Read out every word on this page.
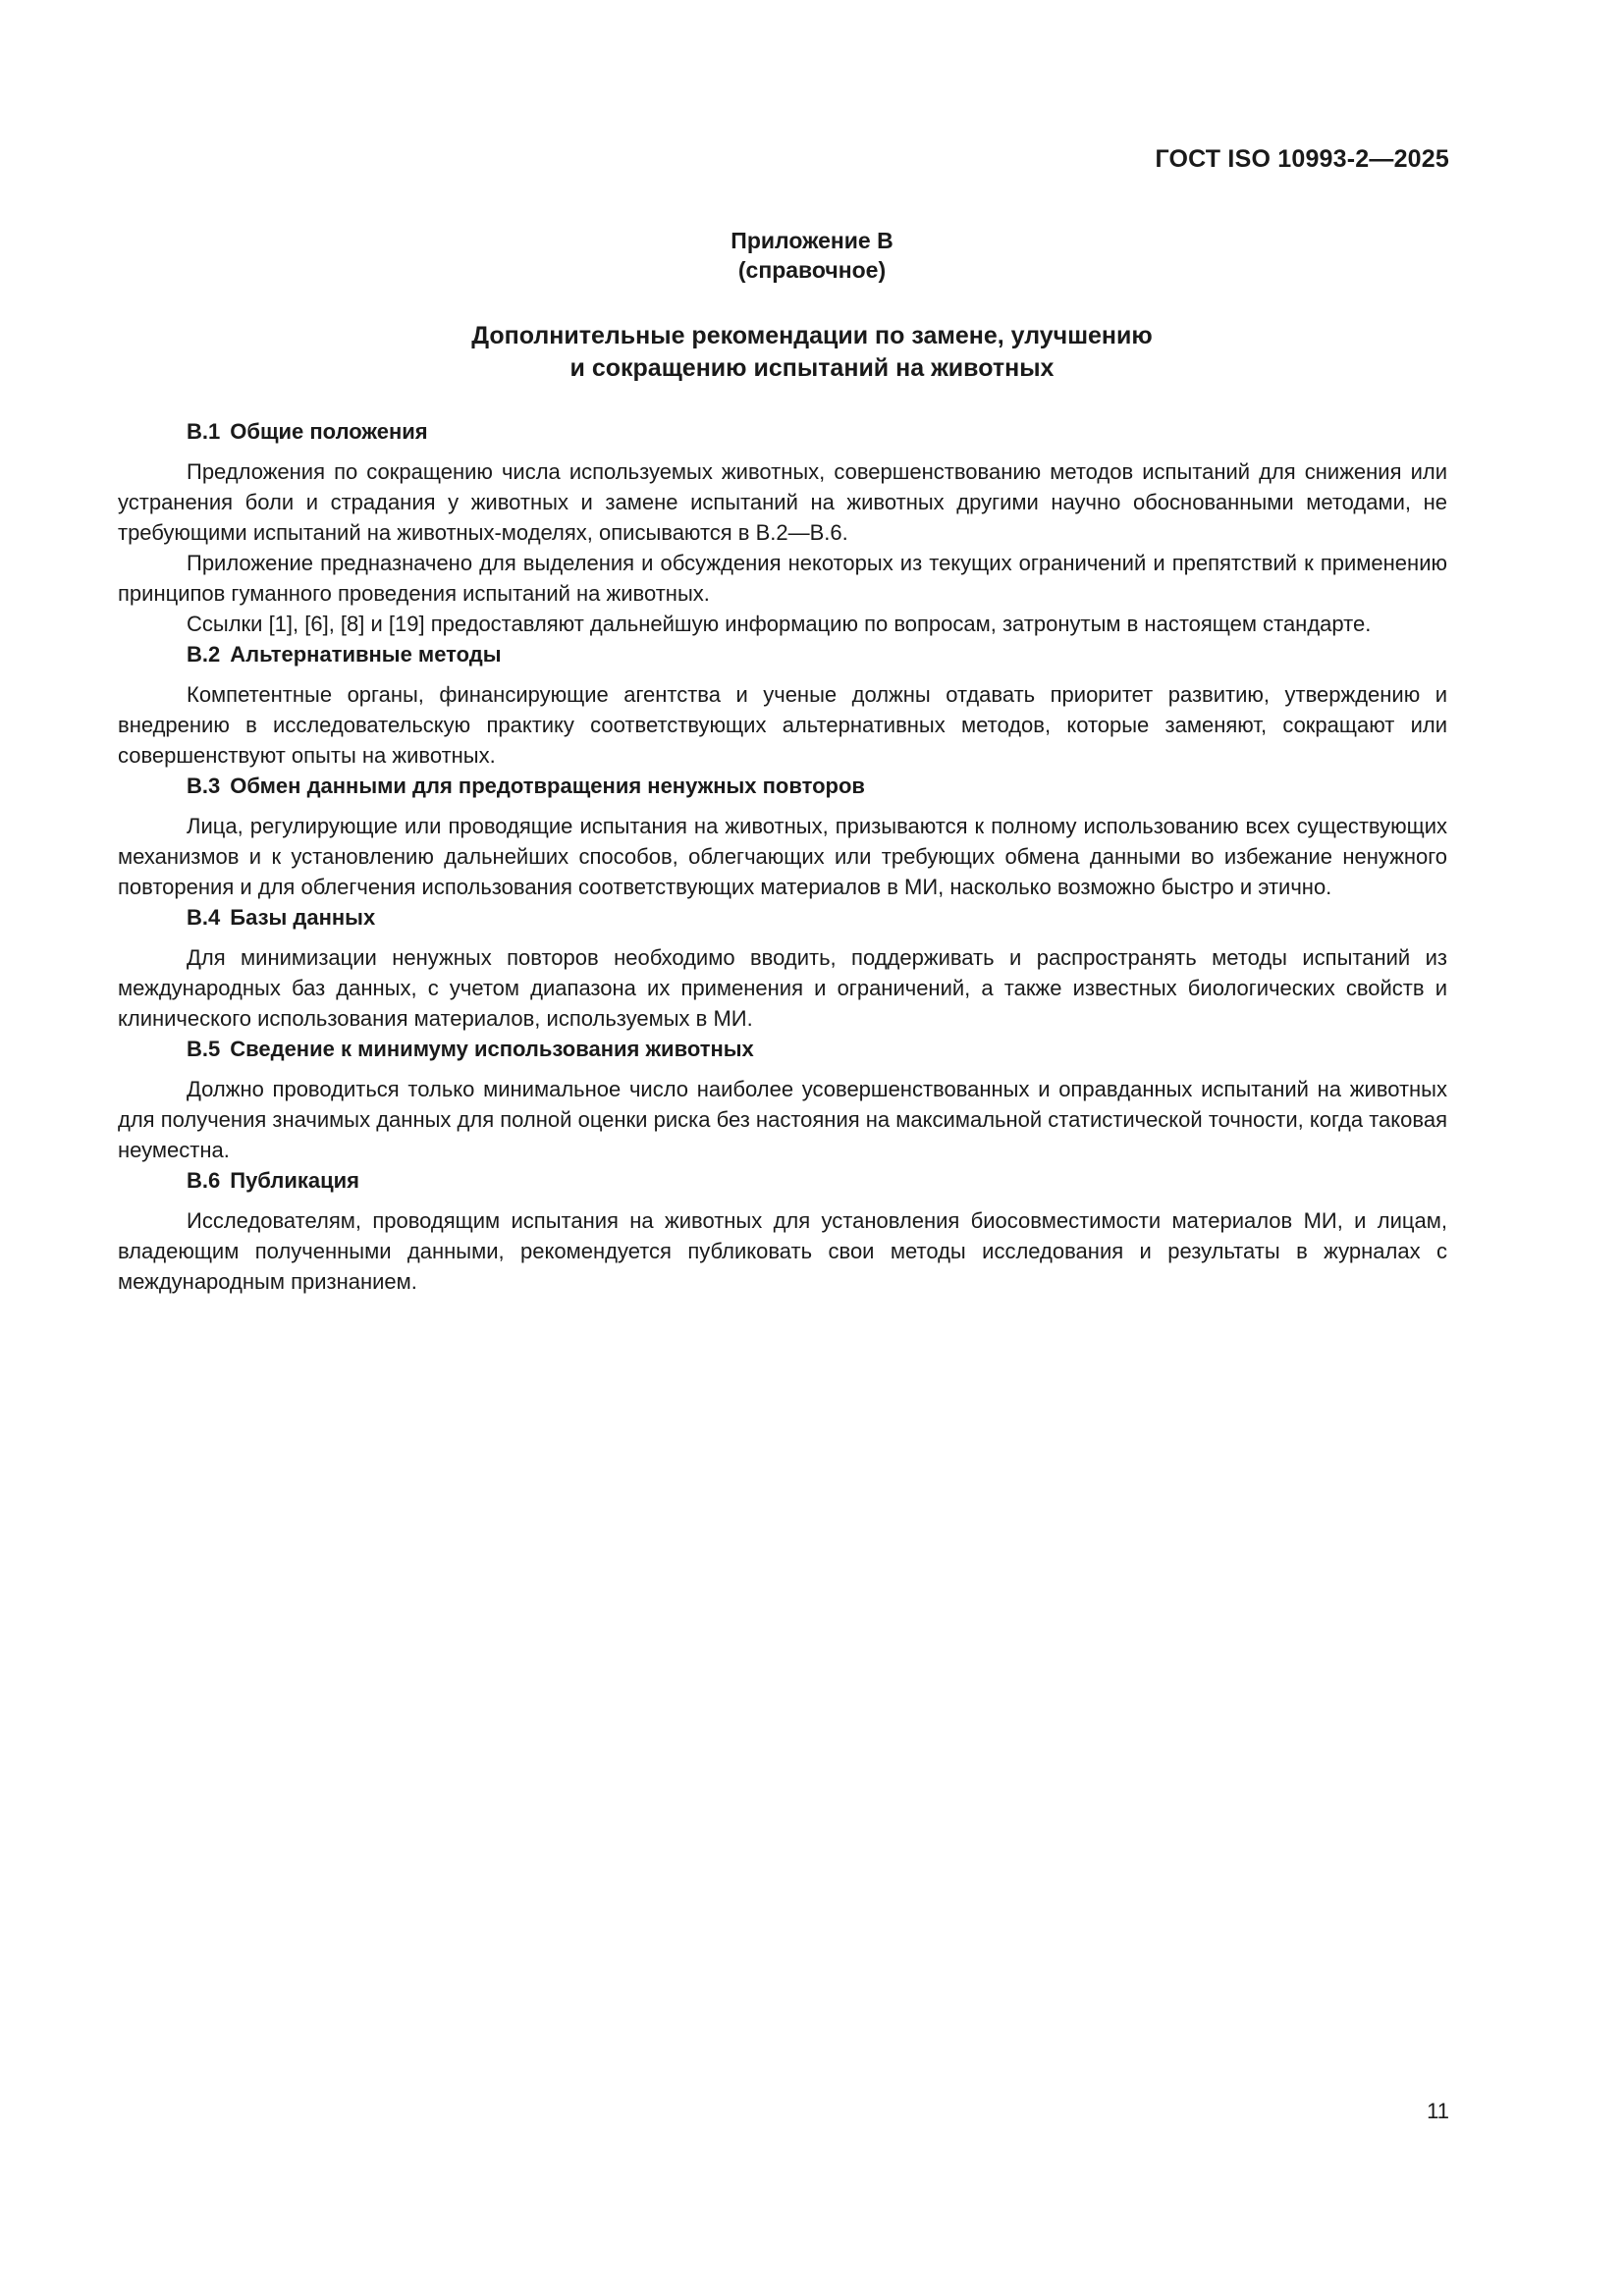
ГОСТ ISO 10993-2—2025
Приложение В
(справочное)
Дополнительные рекомендации по замене, улучшению
и сокращению испытаний на животных
В.1 Общие положения

Предложения по сокращению числа используемых животных, совершенствованию методов испытаний для снижения или устранения боли и страдания у животных и замене испытаний на животных другими научно обоснованными методами, не требующими испытаний на животных-моделях, описываются в В.2—В.6.

Приложение предназначено для выделения и обсуждения некоторых из текущих ограничений и препятствий к применению принципов гуманного проведения испытаний на животных.

Ссылки [1], [6], [8] и [19] предоставляют дальнейшую информацию по вопросам, затронутым в настоящем стандарте.

В.2 Альтернативные методы

Компетентные органы, финансирующие агентства и ученые должны отдавать приоритет развитию, утверждению и внедрению в исследовательскую практику соответствующих альтернативных методов, которые заменяют, сокращают или совершенствуют опыты на животных.

В.3 Обмен данными для предотвращения ненужных повторов

Лица, регулирующие или проводящие испытания на животных, призываются к полному использованию всех существующих механизмов и к установлению дальнейших способов, облегчающих или требующих обмена данными во избежание ненужного повторения и для облегчения использования соответствующих материалов в МИ, насколько возможно быстро и этично.

В.4 Базы данных

Для минимизации ненужных повторов необходимо вводить, поддерживать и распространять методы испытаний из международных баз данных, с учетом диапазона их применения и ограничений, а также известных биологических свойств и клинического использования материалов, используемых в МИ.

В.5 Сведение к минимуму использования животных

Должно проводиться только минимальное число наиболее усовершенствованных и оправданных испытаний на животных для получения значимых данных для полной оценки риска без настояния на максимальной статистической точности, когда таковая неуместна.

В.6 Публикация

Исследователям, проводящим испытания на животных для установления биосовместимости материалов МИ, и лицам, владеющим полученными данными, рекомендуется публиковать свои методы исследования и результаты в журналах с международным признанием.

11
